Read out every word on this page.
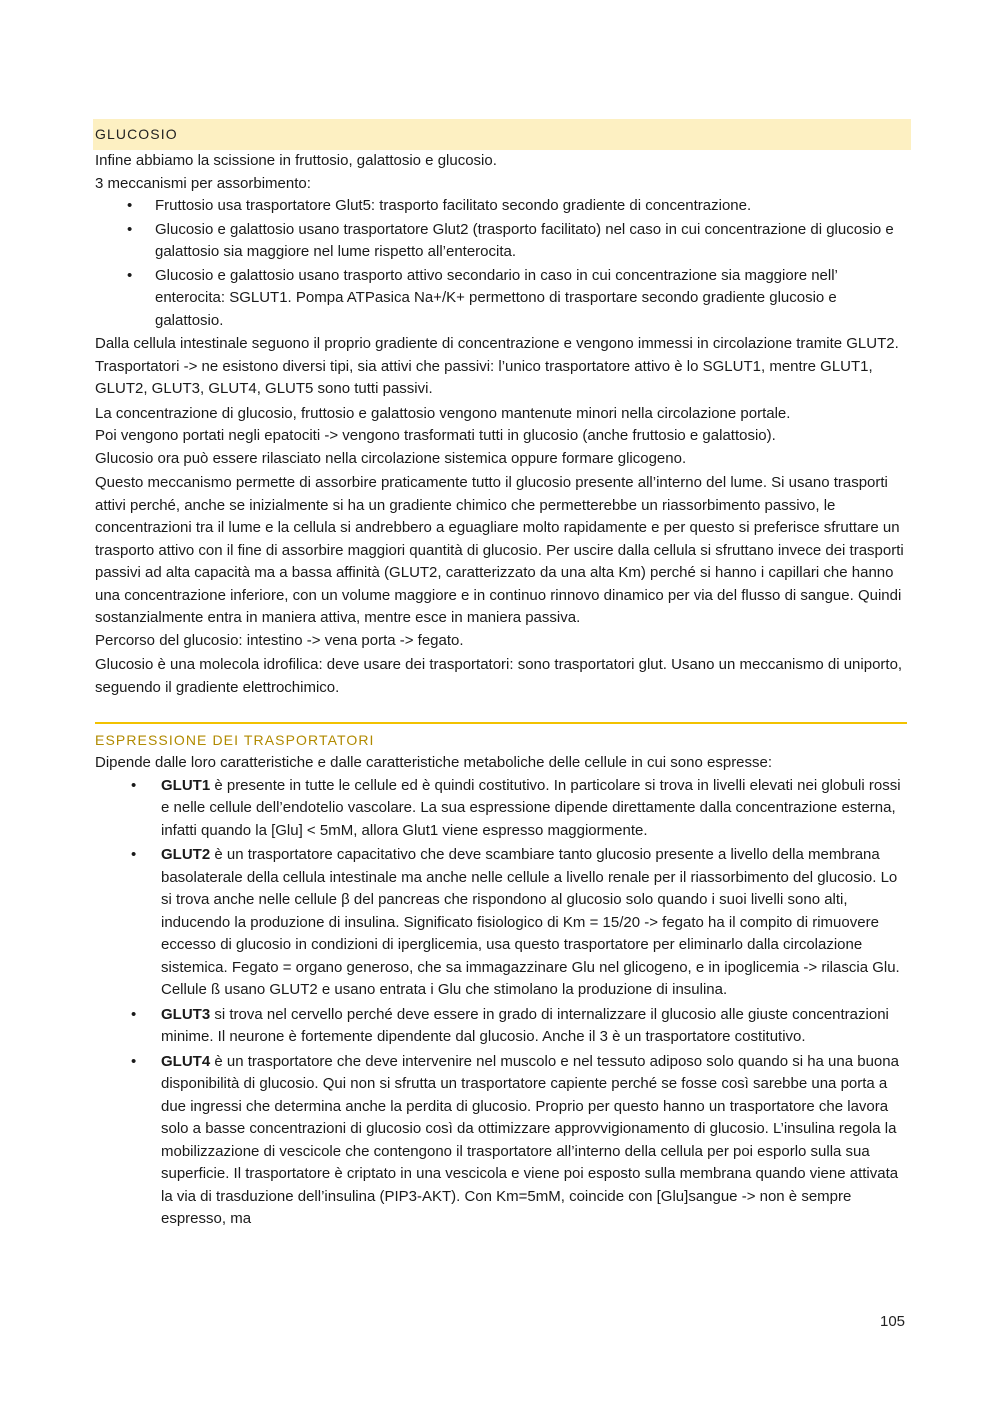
GLUCOSIO

Infine abbiamo la scissione in fruttosio, galattosio e glucosio.

3 meccanismi per assorbimento:

• Fruttosio usa trasportatore Glut5: trasporto facilitato secondo gradiente di concentrazione.
• Glucosio e galattosio usano trasportatore Glut2 (trasporto facilitato) nel caso in cui concentrazione di glucosio e galattosio sia maggiore nel lume rispetto all’enterocita.
• Glucosio e galattosio usano trasporto attivo secondario in caso in cui concentrazione sia maggiore nell’ enterocita: SGLUT1. Pompa ATPasica Na+/K+ permettono di trasportare secondo gradiente glucosio e galattosio.

Dalla cellula intestinale seguono il proprio gradiente di concentrazione e vengono immessi in circolazione tramite GLUT2.

Trasportatori -> ne esistono diversi tipi, sia attivi che passivi: l’unico trasportatore attivo è lo SGLUT1, mentre GLUT1, GLUT2, GLUT3, GLUT4, GLUT5 sono tutti passivi.

La concentrazione di glucosio, fruttosio e galattosio vengono mantenute minori nella circolazione portale.

Poi vengono portati negli epatociti -> vengono trasformati tutti in glucosio (anche fruttosio e galattosio).

Glucosio ora può essere rilasciato nella circolazione sistemica oppure formare glicogeno.

Questo meccanismo permette di assorbire praticamente tutto il glucosio presente all’interno del lume. Si usano trasporti attivi perché, anche se inizialmente si ha un gradiente chimico che permetterebbe un riassorbimento passivo, le concentrazioni tra il lume e la cellula si andrebbero a eguagliare molto rapidamente e per questo si preferisce sfruttare un trasporto attivo con il fine di assorbire maggiori quantità di glucosio. Per uscire dalla cellula si sfruttano invece dei trasporti passivi ad alta capacità ma a bassa affinità (GLUT2, caratterizzato da una alta Km) perché si hanno i capillari che hanno una concentrazione inferiore, con un volume maggiore e in continuo rinnovo dinamico per via del flusso di sangue. Quindi sostanzialmente entra in maniera attiva, mentre esce in maniera passiva.

Percorso del glucosio: intestino -> vena porta -> fegato.

Glucosio è una molecola idrofilica: deve usare dei trasportatori: sono trasportatori glut. Usano un meccanismo di uniporto, seguendo il gradiente elettrochimico.

ESPRESSIONE DEI TRASPORTATORI

Dipende dalle loro caratteristiche e dalle caratteristiche metaboliche delle cellule in cui sono espresse:

• GLUT1 è presente in tutte le cellule ed è quindi costitutivo. In particolare si trova in livelli elevati nei globuli rossi e nelle cellule dell’endotelio vascolare. La sua espressione dipende direttamente dalla concentrazione esterna, infatti quando la [Glu] < 5mM, allora Glut1 viene espresso maggiormente.
• GLUT2 è un trasportatore capacitativo che deve scambiare tanto glucosio presente a livello della membrana basolaterale della cellula intestinale ma anche nelle cellule a livello renale per il riassorbimento del glucosio. Lo si trova anche nelle cellule β del pancreas che rispondono al glucosio solo quando i suoi livelli sono alti, inducendo la produzione di insulina. Significato fisiologico di Km = 15/20 -> fegato ha il compito di rimuovere eccesso di glucosio in condizioni di iperglicemia, usa questo trasportatore per eliminarlo dalla circolazione sistemica. Fegato = organo generoso, che sa immagazzinare Glu nel glicogeno, e in ipoglicemia -> rilascia Glu. Cellule ß usano GLUT2 e usano entrata i Glu che stimolano la produzione di insulina.
• GLUT3 si trova nel cervello perché deve essere in grado di internalizzare il glucosio alle giuste concentrazioni minime. Il neurone è fortemente dipendente dal glucosio. Anche il 3 è un trasportatore costitutivo.
• GLUT4 è un trasportatore che deve intervenire nel muscolo e nel tessuto adiposo solo quando si ha una buona disponibilità di glucosio. Qui non si sfrutta un trasportatore capiente perché se fosse così sarebbe una porta a due ingressi che determina anche la perdita di glucosio. Proprio per questo hanno un trasportatore che lavora solo a basse concentrazioni di glucosio così da ottimizzare approvvigionamento di glucosio. L’insulina regola la mobilizzazione di vescicole che contengono il trasportatore all’interno della cellula per poi esporlo sulla sua superficie. Il trasportatore è criptato in una vescicola e viene poi esposto sulla membrana quando viene attivata la via di trasduzione dell’insulina (PIP3-AKT). Con Km=5mM, coincide con [Glu]sangue -> non è sempre espresso, ma
105
